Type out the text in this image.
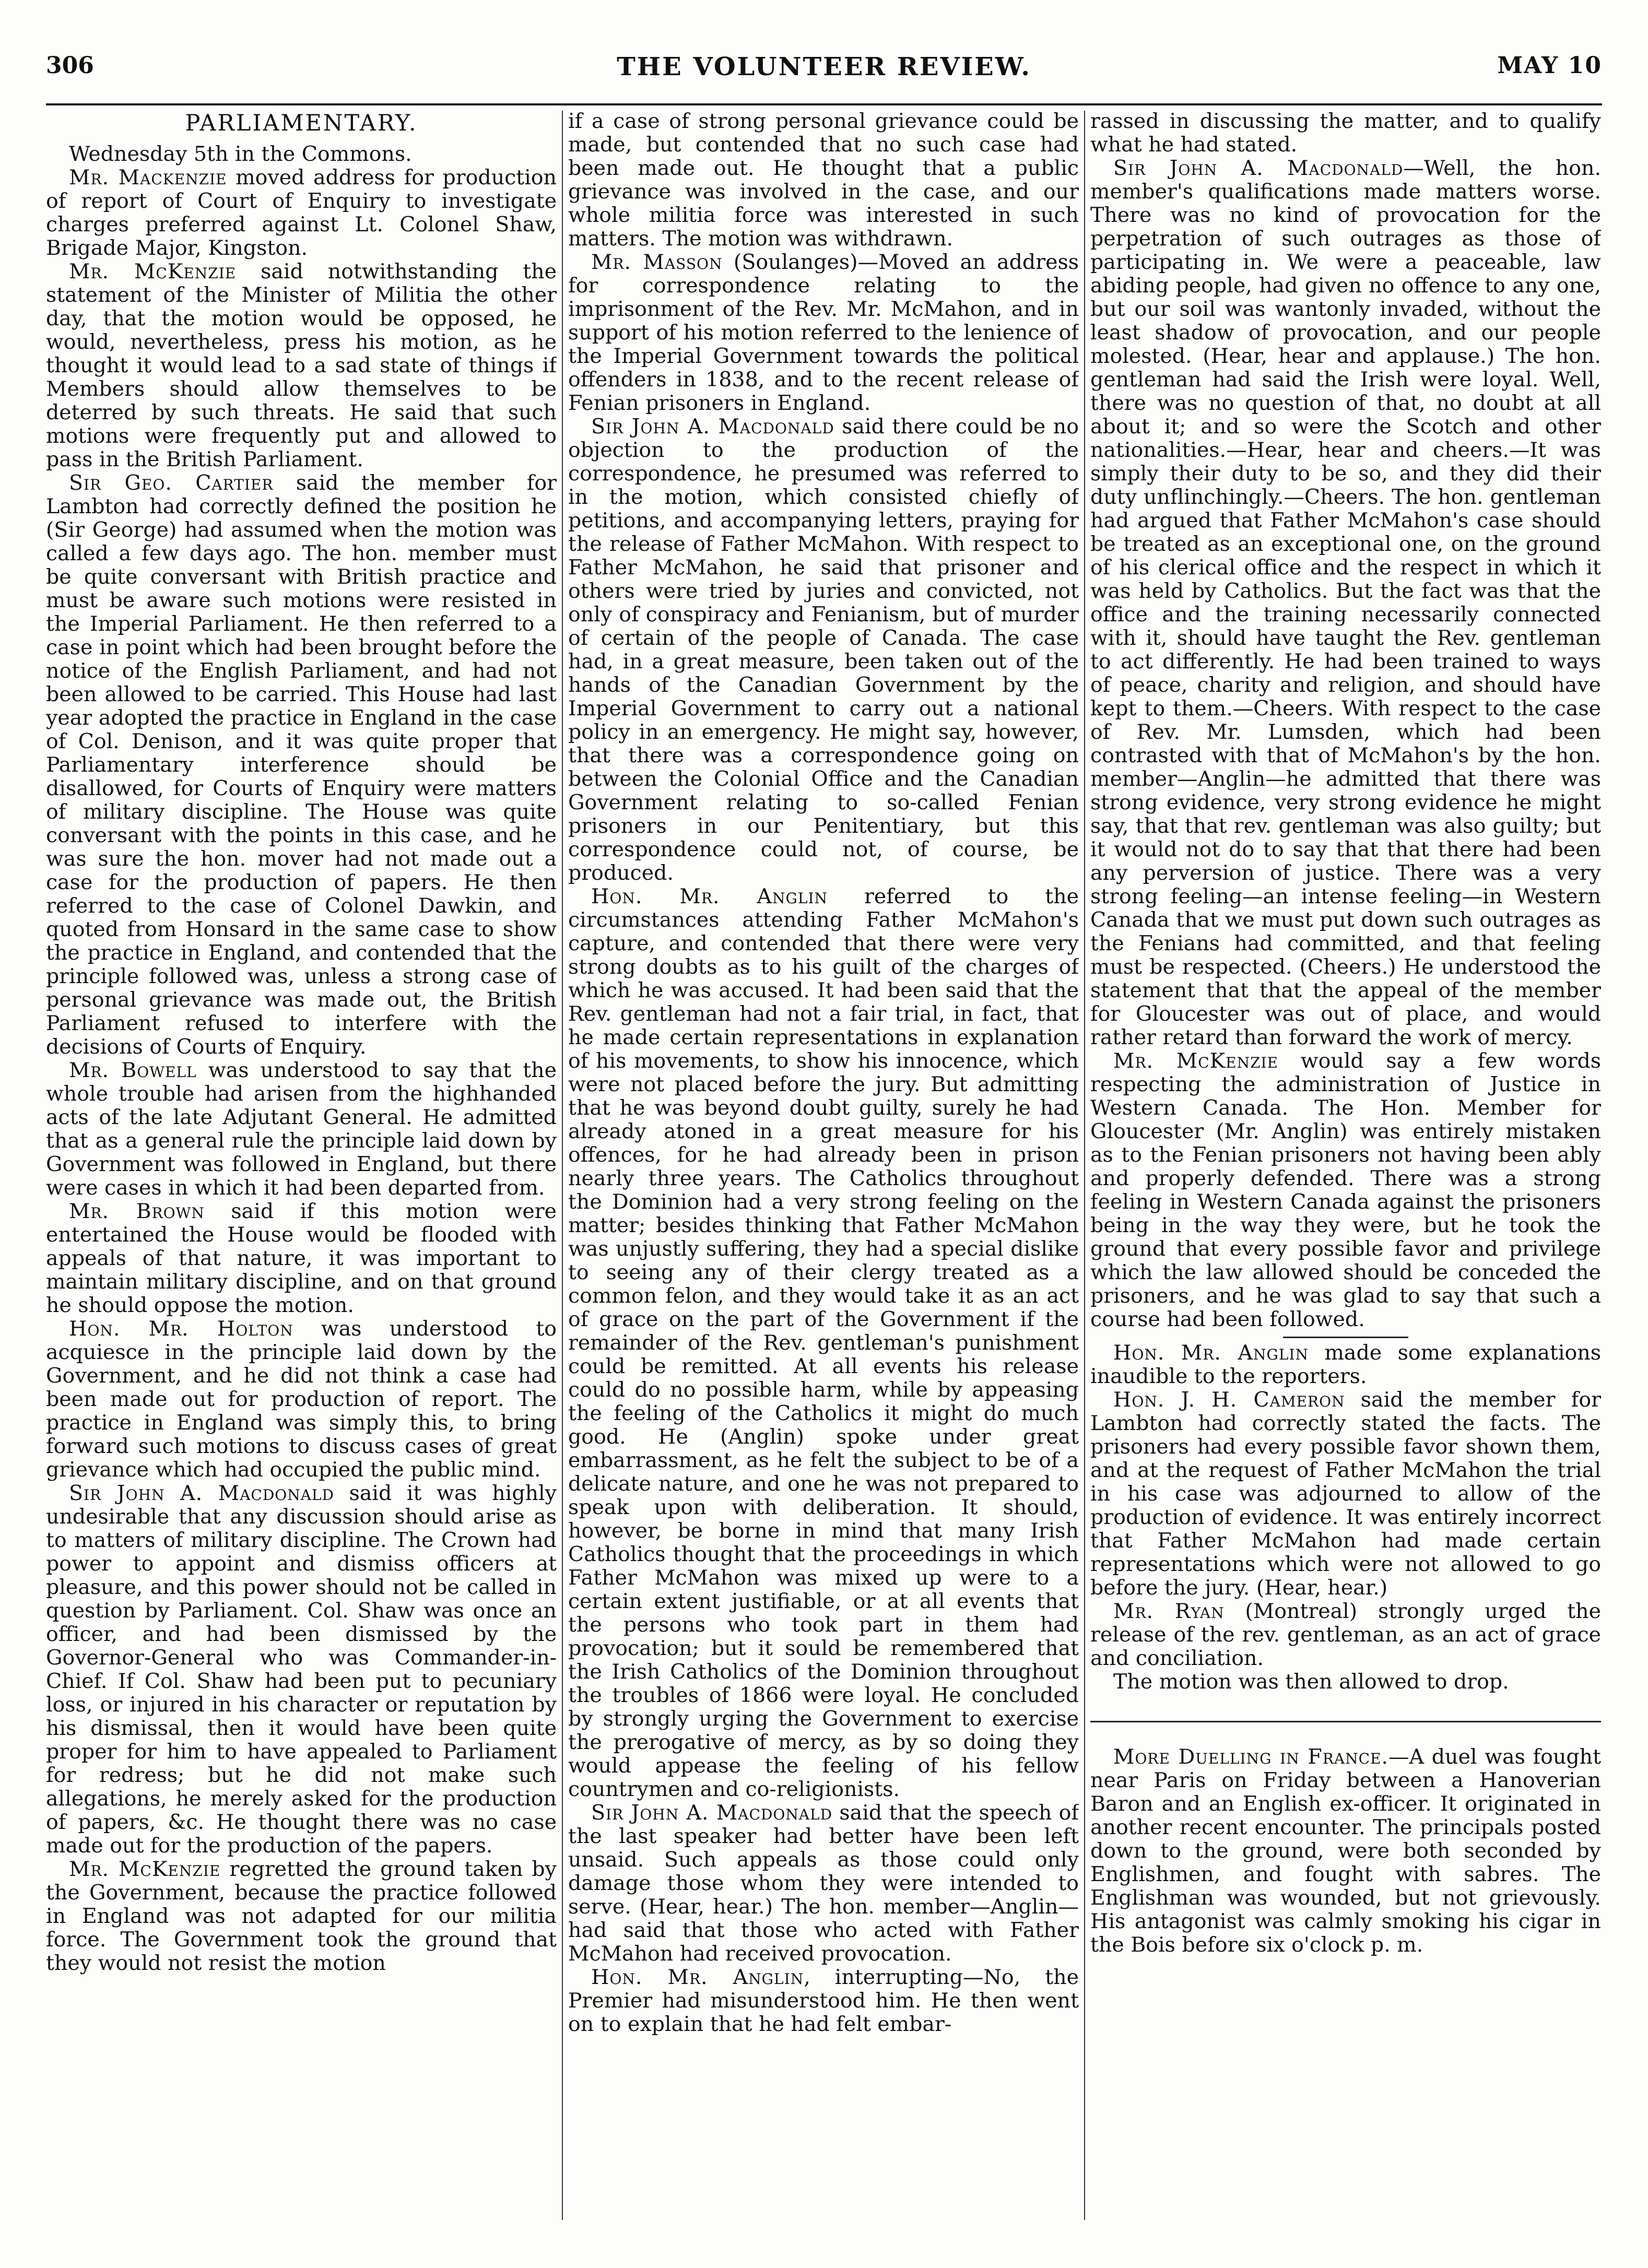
306	THE VOLUNTEER REVIEW.	MAY 10
PARLIAMENTARY.

Wednesday 5th in the Commons.

Mr. Mackenzie moved address for production of report of Court of Enquiry to investigate charges preferred against Lt. Colonel Shaw, Brigade Major, Kingston.

Mr. McKenzie said notwithstanding the statement of the Minister of Militia the other day, that the motion would be opposed, he would, nevertheless, press his motion, as he thought it would lead to a sad state of things if Members should allow themselves to be deterred by such threats. He said that such motions were frequently put and allowed to pass in the British Parliament.

Sir Geo. Cartier said the member for Lambton had correctly defined the position he (Sir George) had assumed when the motion was called a few days ago. The hon. member must be quite conversant with British practice and must be aware such motions were resisted in the Imperial Parliament. He then referred to a case in point which had been brought before the notice of the English Parliament, and had not been allowed to be carried. This House had last year adopted the practice in England in the case of Col. Denison, and it was quite proper that Parliamentary interference should be disallowed, for Courts of Enquiry were matters of military discipline. The House was quite conversant with the points in this case, and he was sure the hon. mover had not made out a case for the production of papers. He then referred to the case of Colonel Dawkin, and quoted from Honsard in the same case to show the practice in England, and contended that the principle followed was, unless a strong case of personal grievance was made out, the British Parliament refused to interfere with the decisions of Courts of Enquiry.

Mr. Bowell was understood to say that the whole trouble had arisen from the highhanded acts of the late Adjutant General. He admitted that as a general rule the principle laid down by Government was followed in England, but there were cases in which it had been departed from.

Mr. Brown said if this motion were entertained the House would be flooded with appeals of that nature, it was important to maintain military discipline, and on that ground he should oppose the motion.

Hon. Mr. Holton was understood to acquiesce in the principle laid down by the Government, and he did not think a case had been made out for production of report. The practice in England was simply this, to bring forward such motions to discuss cases of great grievance which had occupied the public mind.

Sir John A. Macdonald said it was highly undesirable that any discussion should arise as to matters of military discipline. The Crown had power to appoint and dismiss officers at pleasure, and this power should not be called in question by Parliament. Col. Shaw was once an officer, and had been dismissed by the Governor-General who was Commander-in-Chief. If Col. Shaw had been put to pecuniary loss, or injured in his character or reputation by his dismissal, then it would have been quite proper for him to have appealed to Parliament for redress; but he did not make such allegations, he merely asked for the production of papers, &c. He thought there was no case made out for the production of the papers.

Mr. McKenzie regretted the ground taken by the Government, because the practice followed in England was not adapted for our militia force. The Government took the ground that they would not resist the motion

if a case of strong personal grievance could be made, but contended that no such case had been made out. He thought that a public grievance was involved in the case, and our whole militia force was interested in such matters. The motion was withdrawn.

Mr. Masson (Soulanges)—Moved an address for correspondence relating to the imprisonment of the Rev. Mr. McMahon, and in support of his motion referred to the lenience of the Imperial Government towards the political offenders in 1838, and to the recent release of Fenian prisoners in England.

Sir John A. Macdonald said there could be no objection to the production of the correspondence, he presumed was referred to in the motion, which consisted chiefly of petitions, and accompanying letters, praying for the release of Father McMahon. With respect to Father McMahon, he said that prisoner and others were tried by juries and convicted, not only of conspiracy and Fenianism, but of murder of certain of the people of Canada. The case had, in a great measure, been taken out of the hands of the Canadian Government by the Imperial Government to carry out a national policy in an emergency. He might say, however, that there was a correspondence going on between the Colonial Office and the Canadian Government relating to so-called Fenian prisoners in our Penitentiary, but this correspondence could not, of course, be produced.

Hon. Mr. Anglin referred to the circumstances attending Father McMahon's capture, and contended that there were very strong doubts as to his guilt of the charges of which he was accused. It had been said that the Rev. gentleman had not a fair trial, in fact, that he made certain representations in explanation of his movements, to show his innocence, which were not placed before the jury. But admitting that he was beyond doubt guilty, surely he had already atoned in a great measure for his offences, for he had already been in prison nearly three years. The Catholics throughout the Dominion had a very strong feeling on the matter; besides thinking that Father McMahon was unjustly suffering, they had a special dislike to seeing any of their clergy treated as a common felon, and they would take it as an act of grace on the part of the Government if the remainder of the Rev. gentleman's punishment could be remitted. At all events his release could do no possible harm, while by appeasing the feeling of the Catholics it might do much good. He (Anglin) spoke under great embarrassment, as he felt the subject to be of a delicate nature, and one he was not prepared to speak upon with deliberation. It should, however, be borne in mind that many Irish Catholics thought that the proceedings in which Father McMahon was mixed up were to a certain extent justifiable, or at all events that the persons who took part in them had provocation; but it sould be remembered that the Irish Catholics of the Dominion throughout the troubles of 1866 were loyal. He concluded by strongly urging the Government to exercise the prerogative of mercy, as by so doing they would appease the feeling of his fellow countrymen and co-religionists.

Sir John A. Macdonald said that the speech of the last speaker had better have been left unsaid. Such appeals as those could only damage those whom they were intended to serve. (Hear, hear.) The hon. member—Anglin—had said that those who acted with Father McMahon had received provocation.

Hon. Mr. Anglin, interrupting—No, the Premier had misunderstood him. He then went on to explain that he had felt embar-

rassed in discussing the matter, and to qualify what he had stated.

Sir John A. Macdonald—Well, the hon. member's qualifications made matters worse. There was no kind of provocation for the perpetration of such outrages as those of participating in. We were a peaceable, law abiding people, had given no offence to any one, but our soil was wantonly invaded, without the least shadow of provocation, and our people molested. (Hear, hear and applause.) The hon. gentleman had said the Irish were loyal. Well, there was no question of that, no doubt at all about it; and so were the Scotch and other nationalities.—Hear, hear and cheers.—It was simply their duty to be so, and they did their duty unflinchingly.—Cheers. The hon. gentleman had argued that Father McMahon's case should be treated as an exceptional one, on the ground of his clerical office and the respect in which it was held by Catholics. But the fact was that the office and the training necessarily connected with it, should have taught the Rev. gentleman to act differently. He had been trained to ways of peace, charity and religion, and should have kept to them.—Cheers. With respect to the case of Rev. Mr. Lumsden, which had been contrasted with that of McMahon's by the hon. member—Anglin—he admitted that there was strong evidence, very strong evidence he might say, that that rev. gentleman was also guilty; but it would not do to say that that there had been any perversion of justice. There was a very strong feeling—an intense feeling—in Western Canada that we must put down such outrages as the Fenians had committed, and that feeling must be respected. (Cheers.) He understood the statement that that the appeal of the member for Gloucester was out of place, and would rather retard than forward the work of mercy.

Mr. McKenzie would say a few words respecting the administration of Justice in Western Canada. The Hon. Member for Gloucester (Mr. Anglin) was entirely mistaken as to the Fenian prisoners not having been ably and properly defended. There was a strong feeling in Western Canada against the prisoners being in the way they were, but he took the ground that every possible favor and privilege which the law allowed should be conceded the prisoners, and he was glad to say that such a course had been followed.

Hon. Mr. Anglin made some explanations inaudible to the reporters.

Hon. J. H. Cameron said the member for Lambton had correctly stated the facts. The prisoners had every possible favor shown them, and at the request of Father McMahon the trial in his case was adjourned to allow of the production of evidence. It was entirely incorrect that Father McMahon had made certain representations which were not allowed to go before the jury. (Hear, hear.)

Mr. Ryan (Montreal) strongly urged the release of the rev. gentleman, as an act of grace and conciliation.

The motion was then allowed to drop.

More Duelling in France.—A duel was fought near Paris on Friday between a Hanoverian Baron and an English ex-officer. It originated in another recent encounter. The principals posted down to the ground, were both seconded by Englishmen, and fought with sabres. The Englishman was wounded, but not grievously. His antagonist was calmly smoking his cigar in the Bois before six o'clock p. m.
